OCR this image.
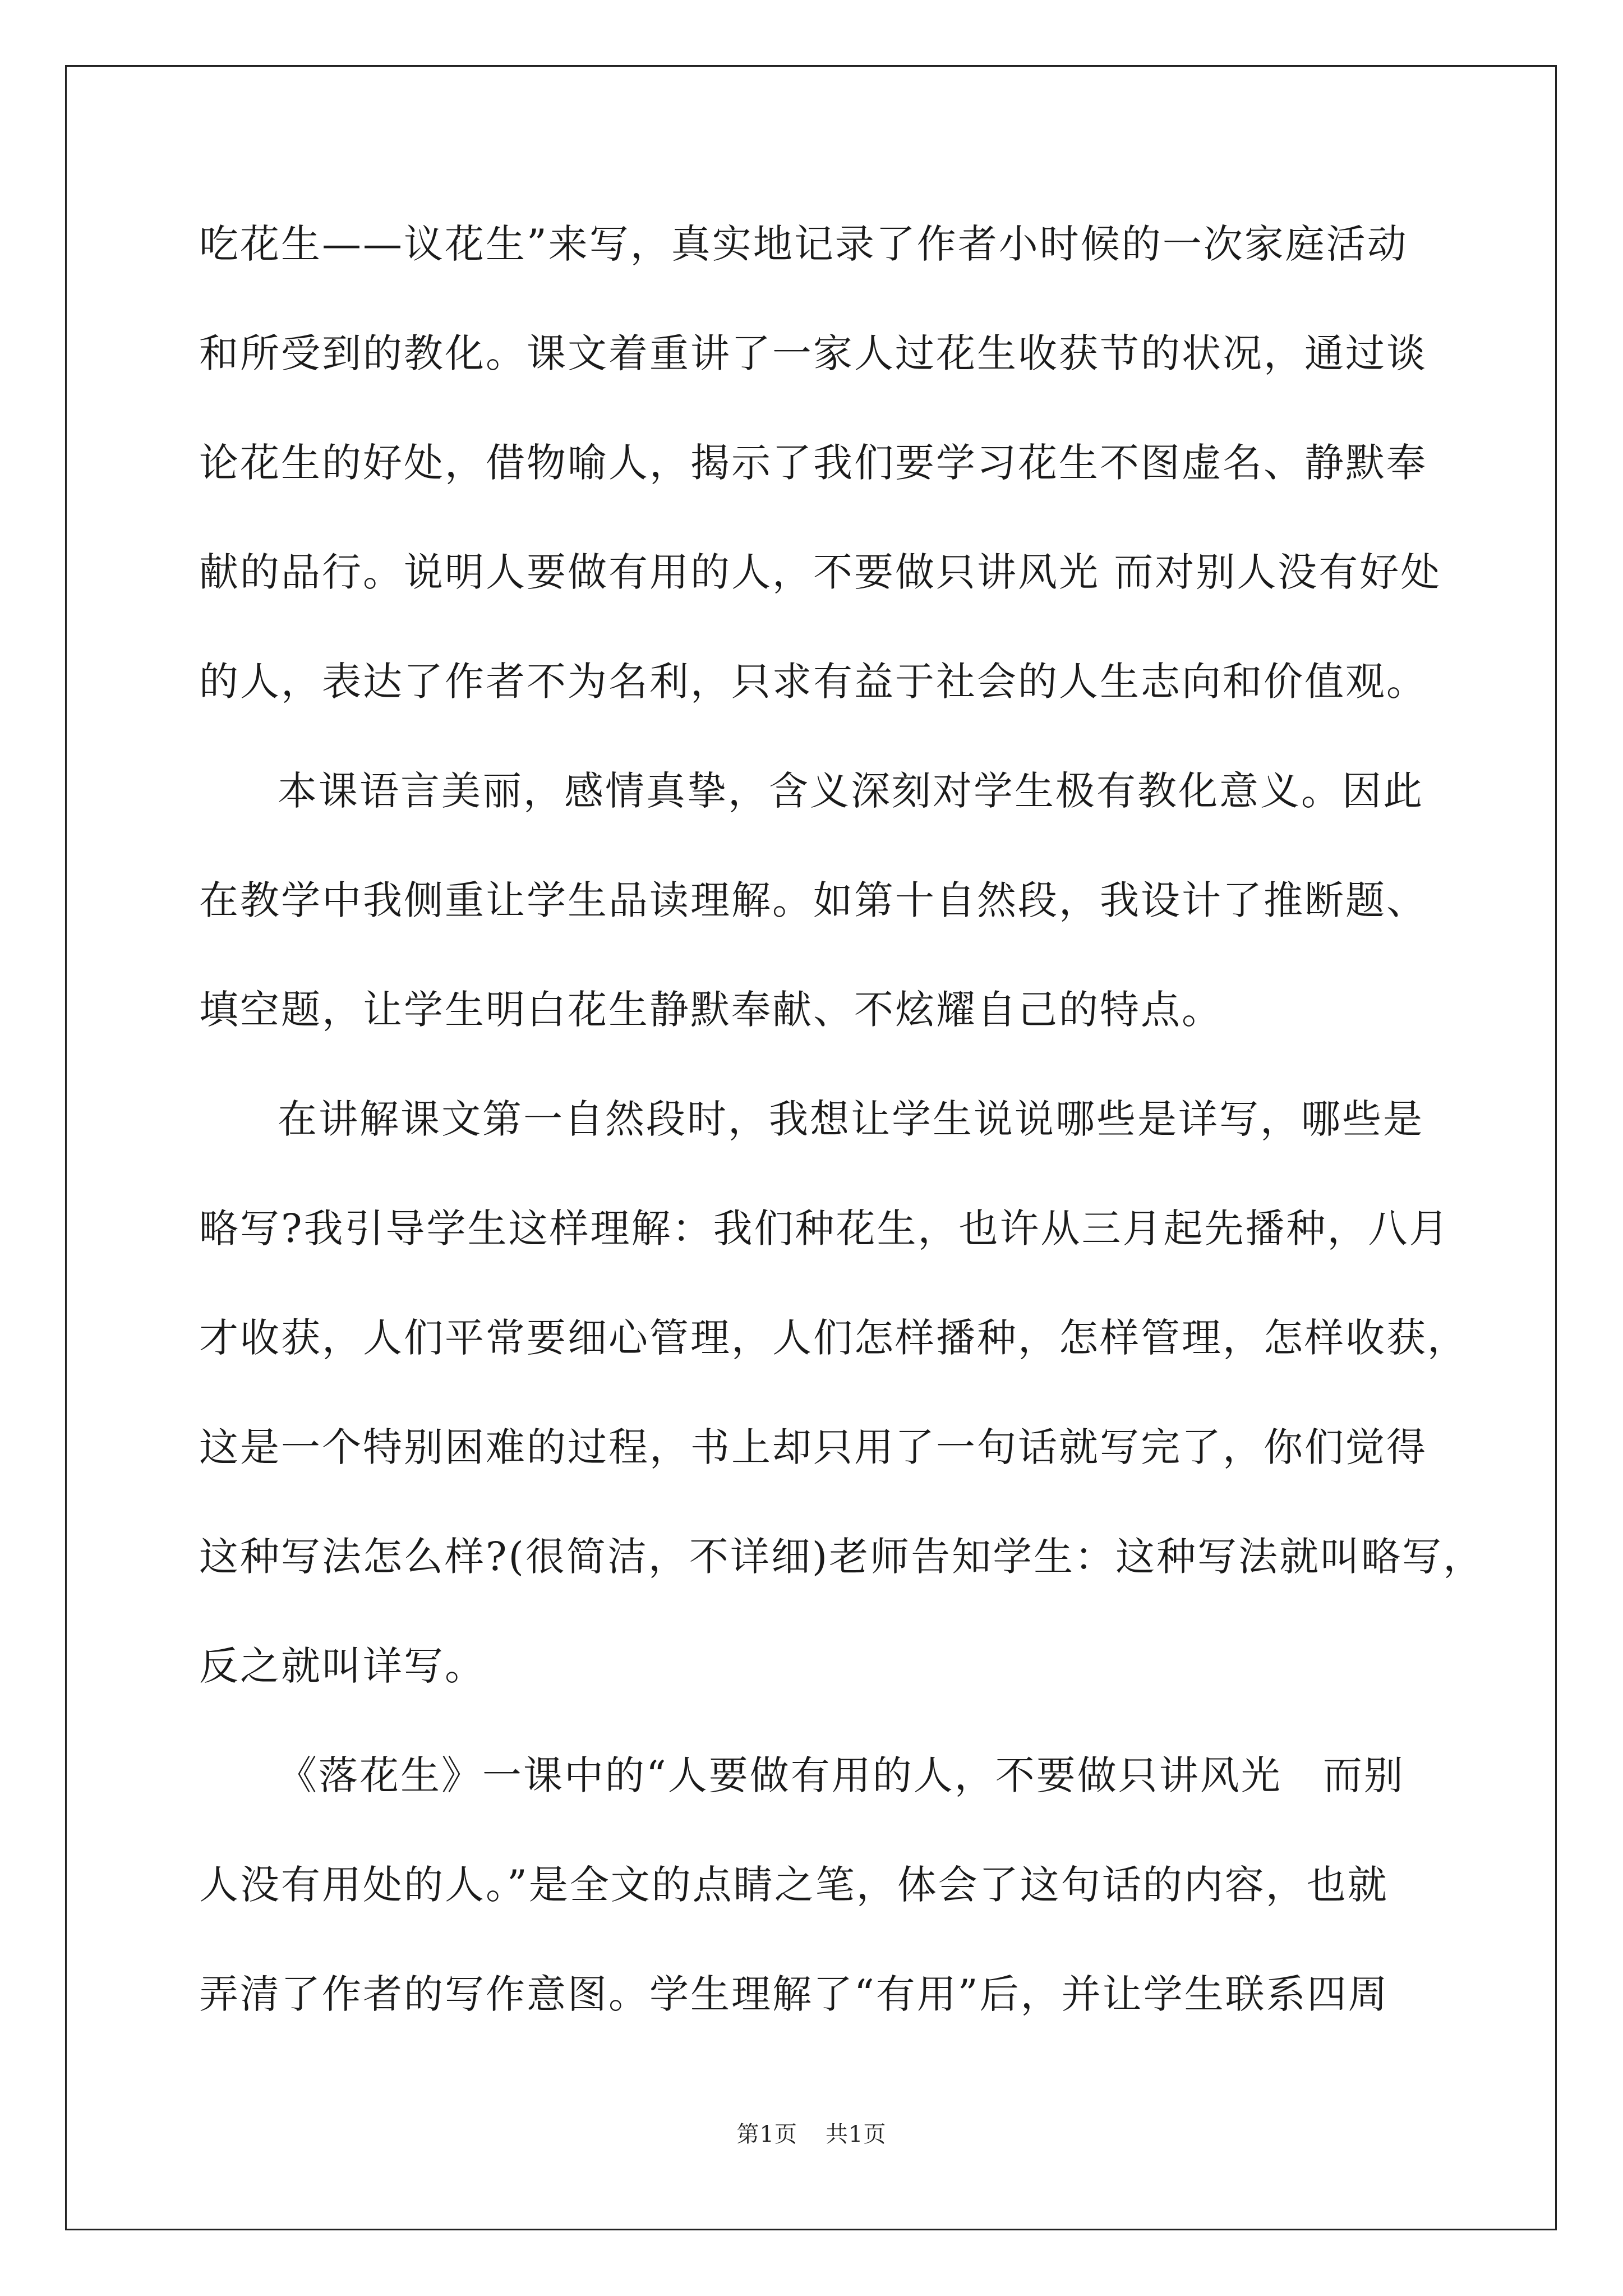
吃花生——议花生”来写，真实地记录了作者小时候的一次家庭活动
和所受到的教化。课文着重讲了一家人过花生收获节的状况，通过谈
论花生的好处，借物喻人，揭示了我们要学习花生不图虚名、静默奉
献的品行。说明人要做有用的人，不要做只讲风光 而对别人没有好处
的人，表达了作者不为名利，只求有益于社会的人生志向和价值观。
本课语言美丽，感情真挚，含义深刻对学生极有教化意义。因此
在教学中我侧重让学生品读理解。如第十自然段，我设计了推断题、
填空题，让学生明白花生静默奉献、不炫耀自己的特点。
在讲解课文第一自然段时，我想让学生说说哪些是详写，哪些是
略写?我引导学生这样理解：我们种花生，也许从三月起先播种，八月
才收获，人们平常要细心管理，人们怎样播种，怎样管理，怎样收获，
这是一个特别困难的过程，书上却只用了一句话就写完了，你们觉得
这种写法怎么样?(很简洁，不详细)老师告知学生：这种写法就叫略写，
反之就叫详写。
《落花生》一课中的“人要做有用的人，不要做只讲风光　而别
人没有用处的人。”是全文的点睛之笔，体会了这句话的内容，也就
弄清了作者的写作意图。学生理解了“有用”后，并让学生联系四周
第1页 共1页
